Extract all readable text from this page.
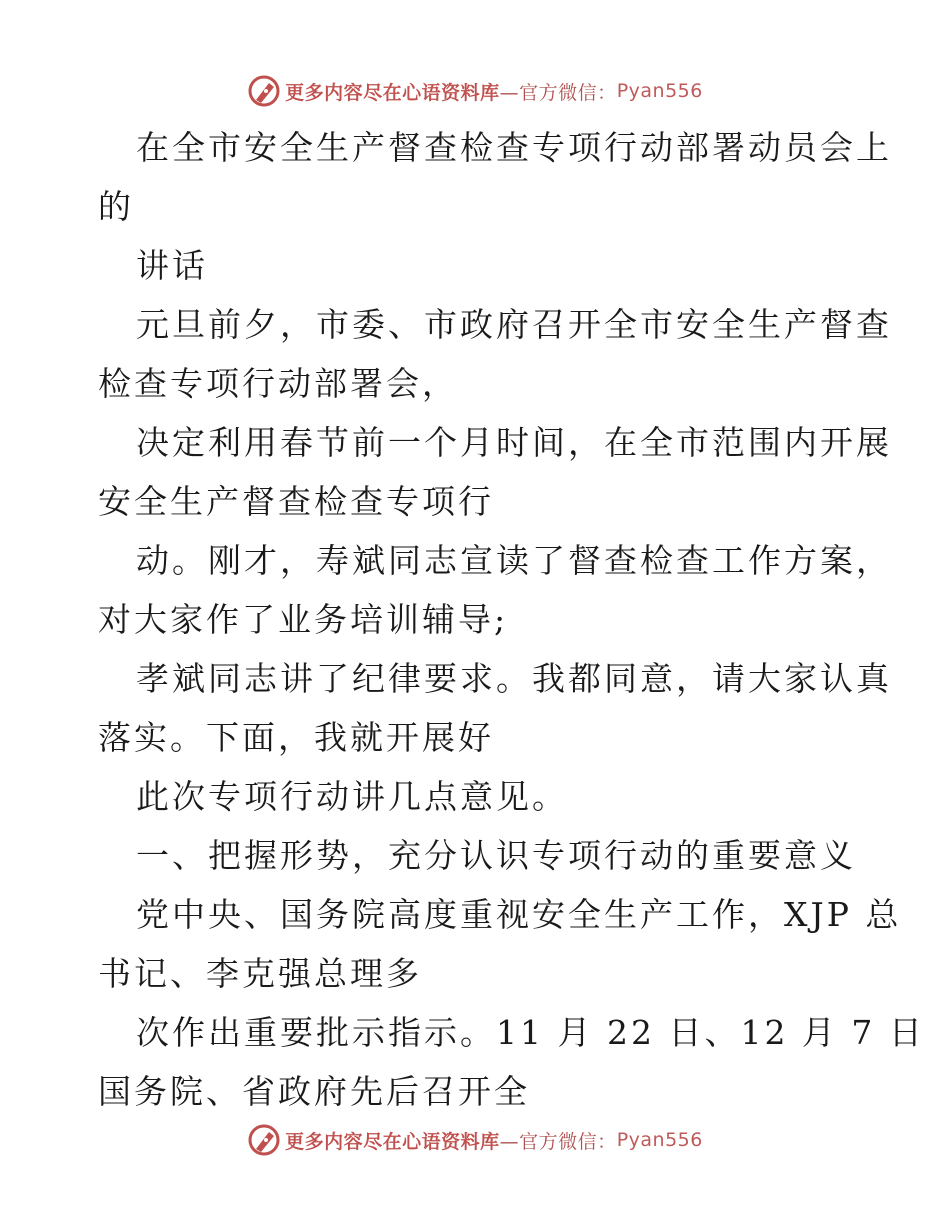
更多内容尽在心语资料库 —官方微信： Pyan556
在全市安全生产督查检查专项行动部署动员会上
的
讲话
元旦前夕，市委、市政府召开全市安全生产督查
检查专项行动部署会，
决定利用春节前一个月时间，在全市范围内开展
安全生产督查检查专项行
动。刚才，寿斌同志宣读了督查检查工作方案，
对大家作了业务培训辅导;
孝斌同志讲了纪律要求。我都同意，请大家认真
落实。下面，我就开展好
此次专项行动讲几点意见。
一、把握形势，充分认识专项行动的重要意义
党中央、国务院高度重视安全生产工作，XJP 总
书记、李克强总理多
次作出重要批示指示。11 月 22 日、12 月 7 日
国务院、省政府先后召开全
更多内容尽在心语资料库 —官方微信： Pyan556
